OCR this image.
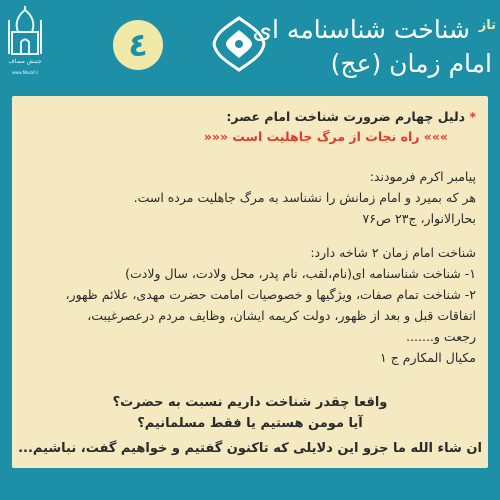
جنبش مصاف
www.Masaf.ir
٤	شناخت شناسنامه ای تاز
امام زمان (عج)
* دلیل چهارم ضرورت شناخت امام عصر:
»»» راه نجات از مرگ جاهلیت است «««
پیامبر اکرم فرمودند:
هر که بمیرد و امام زمانش را نشناسد به مرگ جاهلیت مرده است.
بحارالانوار، ج۲۳ ص۷۶
شناخت امام زمان ۲ شاخه دارد:
۱- شناخت شناسنامه ای(نام،لقب، نام پدر، محل ولادت، سال ولادت)
۲- شناخت تمام صفات، ویژگیها و خصوصیات امامت حضرت مهدی، علائم ظهور،
اتفاقات قبل و بعد از ظهور، دولت کریمه ایشان، وظایف مردم درعصرغیبت،
رجعت و.......
مکیال المکارم ج ۱
واقعا چقدر شناخت داریم نسبت به حضرت؟
آیا مومن هستیم یا فقط مسلمانیم؟
ان شاء الله ما جزو این دلایلی که تاکنون گفتیم و خواهیم گفت، نباشیم...
